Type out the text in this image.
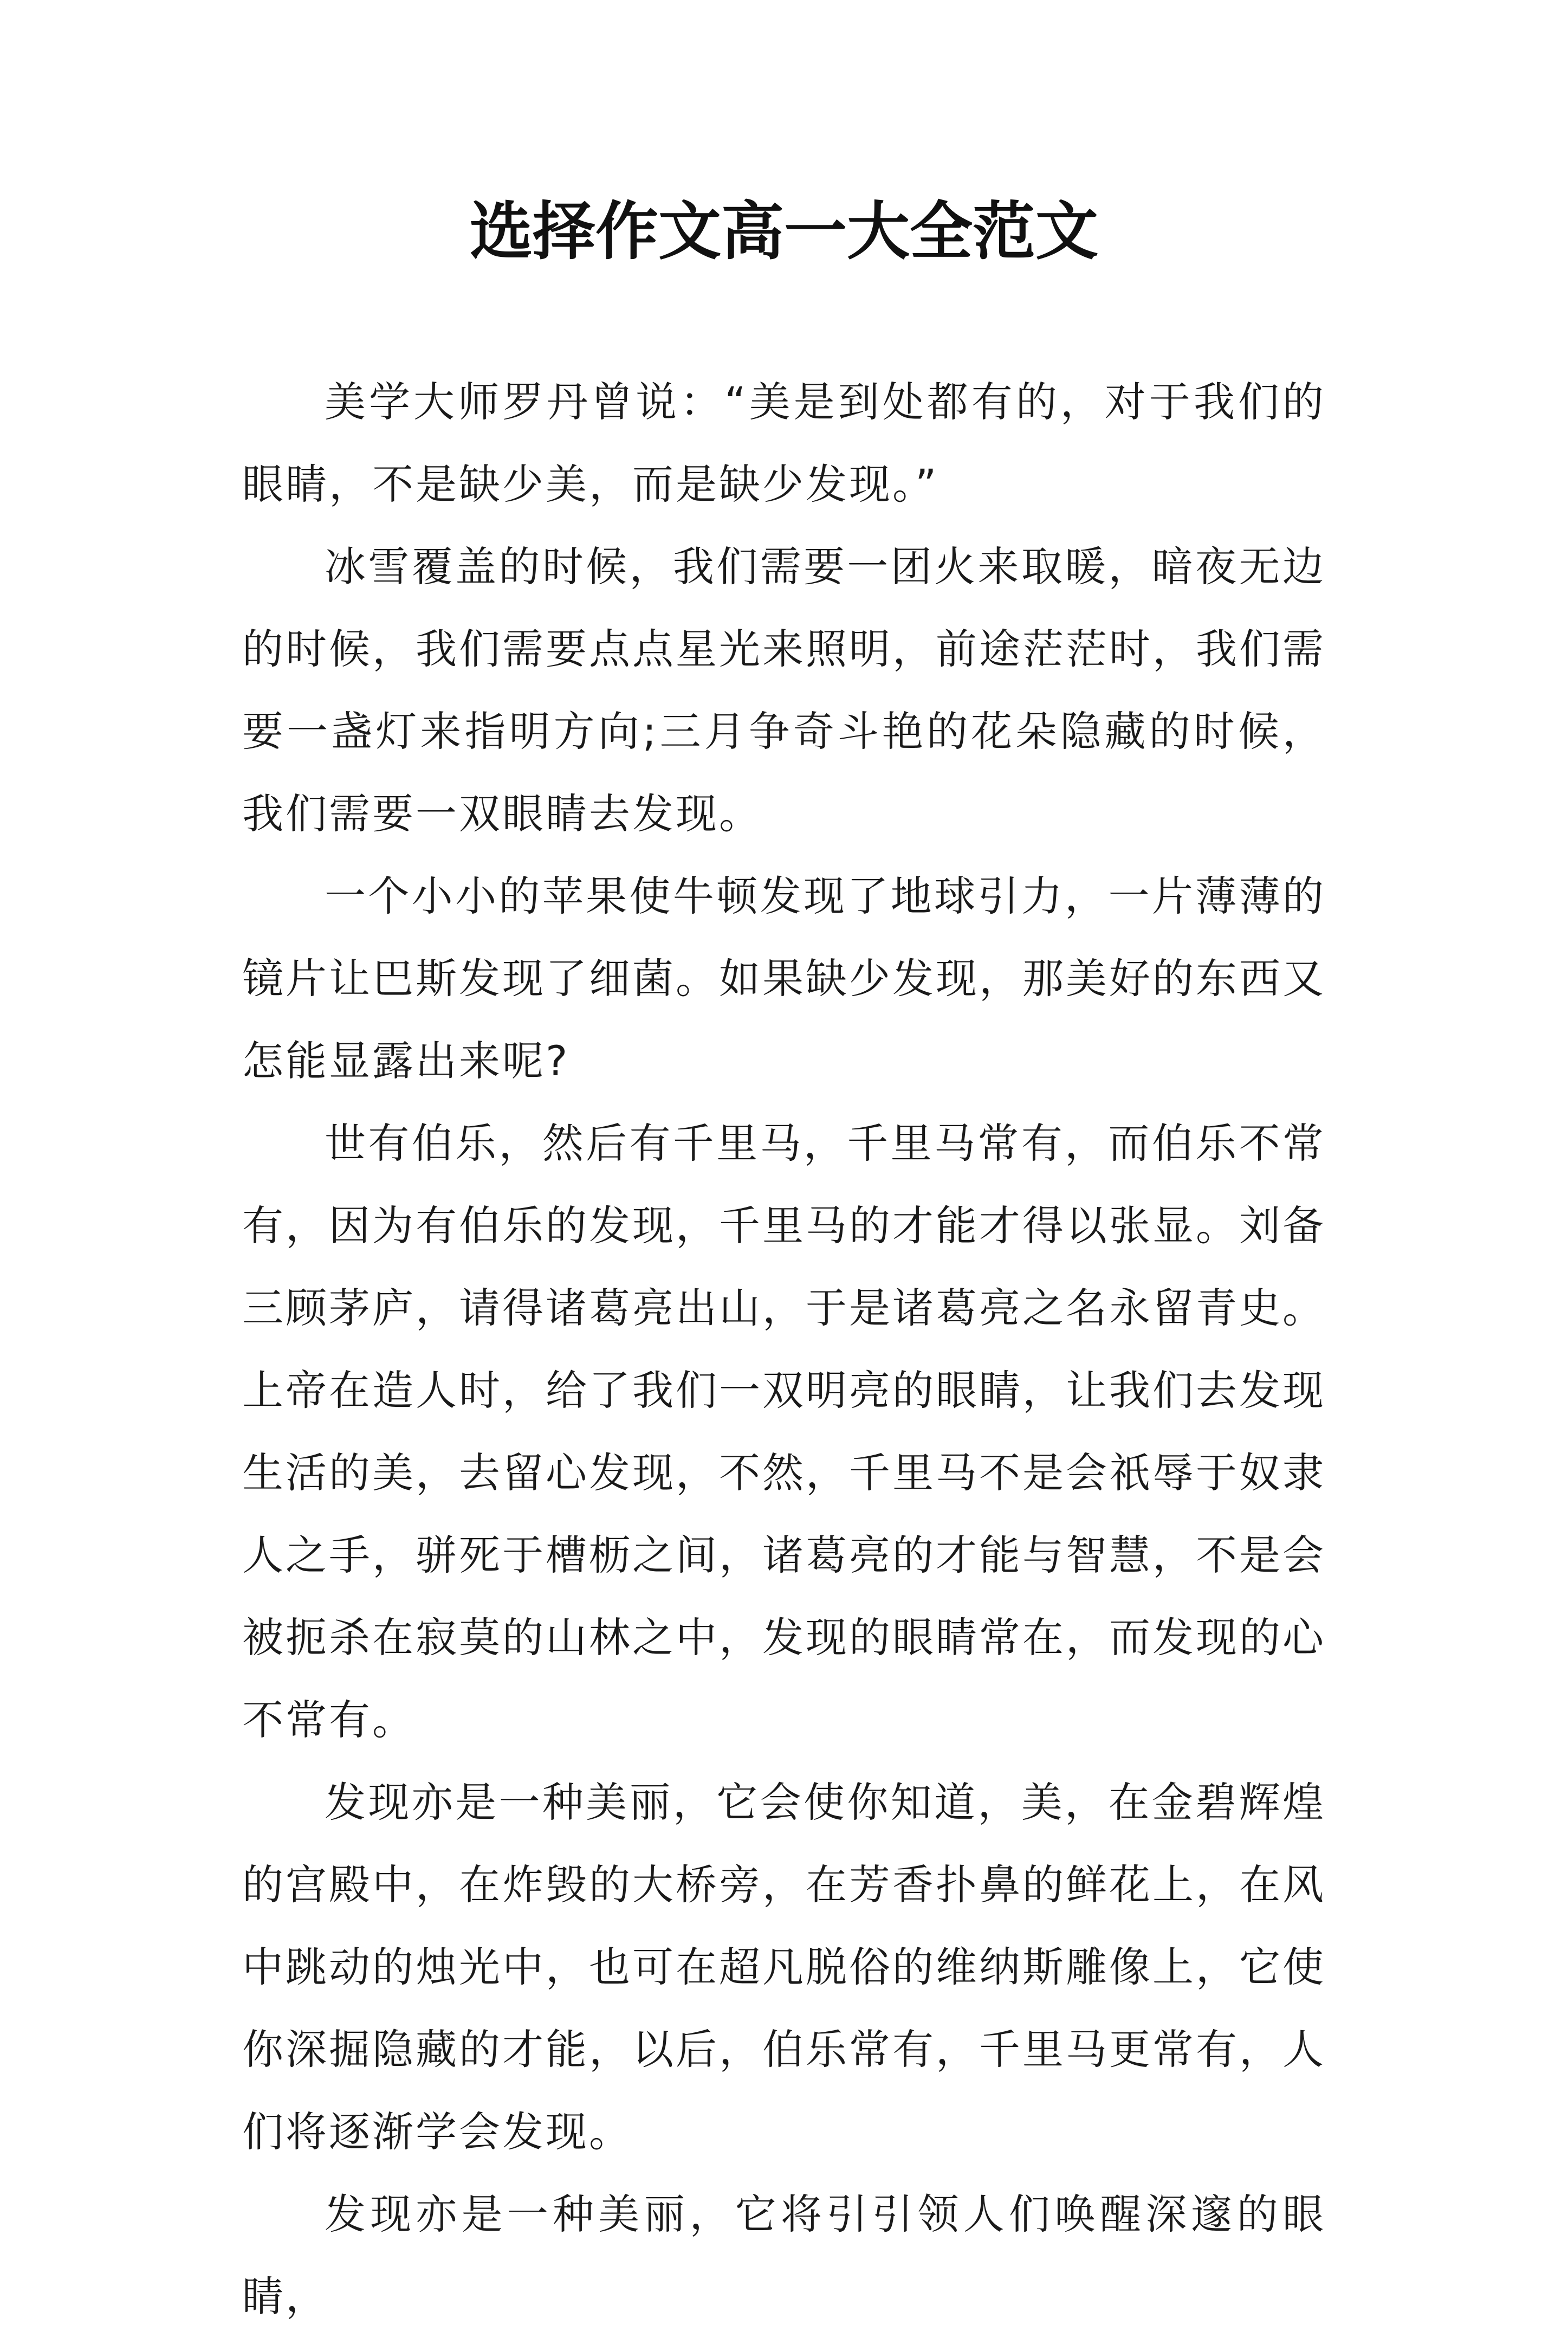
选择作文高一大全范文

美学大师罗丹曾说：“美是到处都有的，对于我们的眼睛，不是缺少美，而是缺少发现。”

冰雪覆盖的时候，我们需要一团火来取暖，暗夜无边的时候，我们需要点点星光来照明，前途茫茫时，我们需要一盏灯来指明方向;三月争奇斗艳的花朵隐藏的时候，我们需要一双眼睛去发现。

一个小小的苹果使牛顿发现了地球引力，一片薄薄的镜片让巴斯发现了细菌。如果缺少发现，那美好的东西又怎能显露出来呢?

世有伯乐，然后有千里马，千里马常有，而伯乐不常有，因为有伯乐的发现，千里马的才能才得以张显。刘备三顾茅庐，请得诸葛亮出山，于是诸葛亮之名永留青史。上帝在造人时，给了我们一双明亮的眼睛，让我们去发现生活的美，去留心发现，不然，千里马不是会祇辱于奴隶人之手，骈死于槽枥之间，诸葛亮的才能与智慧，不是会被扼杀在寂莫的山林之中，发现的眼睛常在，而发现的心不常有。

发现亦是一种美丽，它会使你知道，美，在金碧辉煌的宫殿中，在炸毁的大桥旁，在芳香扑鼻的鲜花上，在风中跳动的烛光中，也可在超凡脱俗的维纳斯雕像上，它使你深掘隐藏的才能，以后，伯乐常有，千里马更常有，人们将逐渐学会发现。

发现亦是一种美丽，它将引引领人们唤醒深邃的眼睛，
